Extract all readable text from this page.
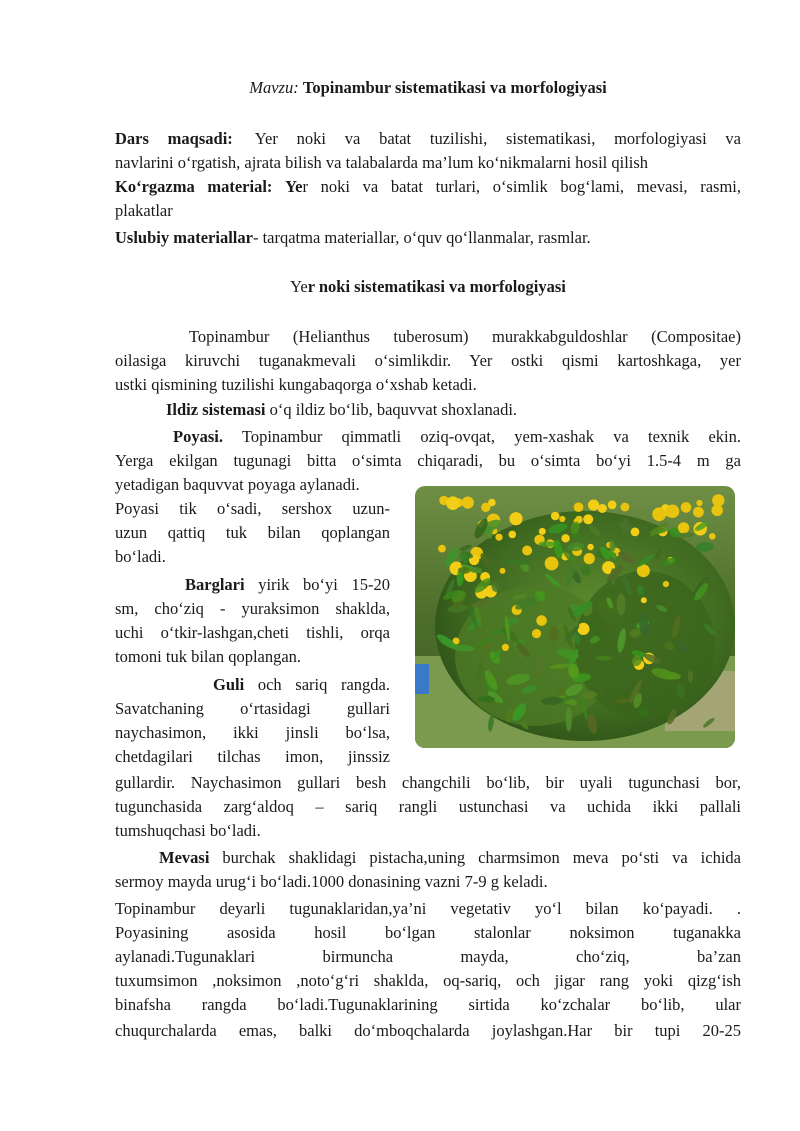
Mavzu: Topinambur sistematikasi va morfologiyasi

Dars maqsadi: Yer noki va batat tuzilishi, sistematikasi, morfologiyasi va

navlarini o‘rgatish, ajrata bilish va talabalarda ma’lum ko‘nikmalarni hosil qilish

Ko‘rgazma material: Yer noki va batat turlari, o‘simlik bog‘lami, mevasi, rasmi,

plakatlar

Uslubiy materiallar- tarqatma materiallar, o‘quv qo‘llanmalar, rasmlar.

Yer noki sistematikasi va morfologiyasi

Topinambur (Helianthus tuberosum) murakkabguldoshlar (Compositae)

oilasiga kiruvchi tuganakmevali o‘simlikdir. Yer ostki qismi kartoshkaga, yer

ustki qismining tuzilishi kungabaqorga o‘xshab ketadi.

Ildiz sistemasi o‘q ildiz bo‘lib, baquvvat shoxlanadi.

Poyasi. Topinambur qimmatli oziq-ovqat, yem-xashak va texnik ekin.

Yerga ekilgan tugunagi bitta o‘simta chiqaradi, bu o‘simta bo‘yi 1.5-4 m ga

yetadigan baquvvat poyaga aylanadi.

Poyasi tik o‘sadi, sershox uzun-

uzun qattiq tuk bilan qoplangan

bo‘ladi.

Barglari yirik bo‘yi 15-20

sm, cho‘ziq - yuraksimon shaklda,

uchi o‘tkir-lashgan,cheti tishli, orqa

tomoni tuk bilan qoplangan.

Guli och sariq rangda.

Savatchaning o‘rtasidagi gullari

naychasimon, ikki jinsli bo‘lsa,

chetdagilari tilchas imon, jinssiz

gullardir. Naychasimon gullari besh changchili bo‘lib, bir uyali tugunchasi bor,

tugunchasida zarg‘aldoq – sariq rangli ustunchasi va uchida ikki pallali

tumshuqchasi bo‘ladi.

Mevasi burchak shaklidagi pistacha,uning charmsimon meva po‘sti va ichida

sermoy mayda urug‘i bo‘ladi.1000 donasining vazni 7-9 g keladi.

Topinambur deyarli tugunaklaridan,ya’ni vegetativ yo‘l bilan ko‘payadi. .

Poyasining asosida hosil bo‘lgan stalonlar noksimon tuganakka

aylanadi.Tugunaklari birmuncha mayda, cho‘ziq, ba’zan

tuxumsimon ,noksimon ,noto‘g‘ri shaklda, oq-sariq, och jigar rang yoki qizg‘ish

binafsha rangda bo‘ladi.Tugunaklarining sirtida ko‘zchalar bo‘lib, ular

chuqurchalarda emas, balki do‘mboqchalarda joylashgan.Har bir tupi 20-25
